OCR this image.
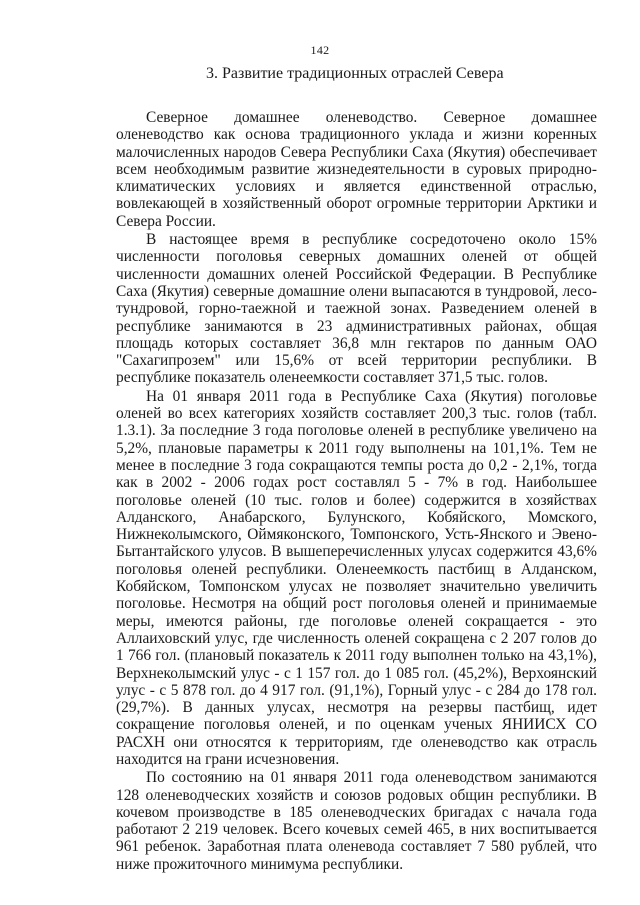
142
3. Развитие традиционных отраслей Севера

Северное домашнее оленеводство. Северное домашнее оленеводство как основа традиционного уклада и жизни коренных малочисленных народов Севера Республики Саха (Якутия) обеспечивает всем необходимым развитие жизнедеятельности в суровых природно-климатических условиях и является единственной отраслью, вовлекающей в хозяйственный оборот огромные территории Арктики и Севера России.

В настоящее время в республике сосредоточено около 15% численности поголовья северных домашних оленей от общей численности домашних оленей Российской Федерации. В Республике Саха (Якутия) северные домашние олени выпасаются в тундровой, лесо-тундровой, горно-таежной и таежной зонах. Разведением оленей в республике занимаются в 23 административных районах, общая площадь которых составляет 36,8 млн гектаров по данным ОАО "Сахагипрозем" или 15,6% от всей территории республики. В республике показатель оленеемкости составляет 371,5 тыс. голов.

На 01 января 2011 года в Республике Саха (Якутия) поголовье оленей во всех категориях хозяйств составляет 200,3 тыс. голов (табл. 1.3.1). За последние 3 года поголовье оленей в республике увеличено на 5,2%, плановые параметры к 2011 году выполнены на 101,1%. Тем не менее в последние 3 года сокращаются темпы роста до 0,2 - 2,1%, тогда как в 2002 - 2006 годах рост составлял 5 - 7% в год. Наибольшее поголовье оленей (10 тыс. голов и более) содержится в хозяйствах Алданского, Анабарского, Булунского, Кобяйского, Момского, Нижнеколымского, Оймяконского, Томпонского, Усть-Янского и Эвено-Бытантайского улусов. В вышеперечисленных улусах содержится 43,6% поголовья оленей республики. Оленеемкость пастбищ в Алданском, Кобяйском, Томпонском улусах не позволяет значительно увеличить поголовье. Несмотря на общий рост поголовья оленей и принимаемые меры, имеются районы, где поголовье оленей сокращается - это Аллаиховский улус, где численность оленей сокращена с 2 207 голов до 1 766 гол. (плановый показатель к 2011 году выполнен только на 43,1%), Верхнеколымский улус - с 1 157 гол. до 1 085 гол. (45,2%), Верхоянский улус - с 5 878 гол. до 4 917 гол. (91,1%), Горный улус - с 284 до 178 гол. (29,7%). В данных улусах, несмотря на резервы пастбищ, идет сокращение поголовья оленей, и по оценкам ученых ЯНИИСХ СО РАСХН они относятся к территориям, где оленеводство как отрасль находится на грани исчезновения.

По состоянию на 01 января 2011 года оленеводством занимаются 128 оленеводческих хозяйств и союзов родовых общин республики. В кочевом производстве в 185 оленеводческих бригадах с начала года работают 2 219 человек. Всего кочевых семей 465, в них воспитывается 961 ребенок. Заработная плата оленевода составляет 7 580 рублей, что ниже прожиточного минимума республики.
